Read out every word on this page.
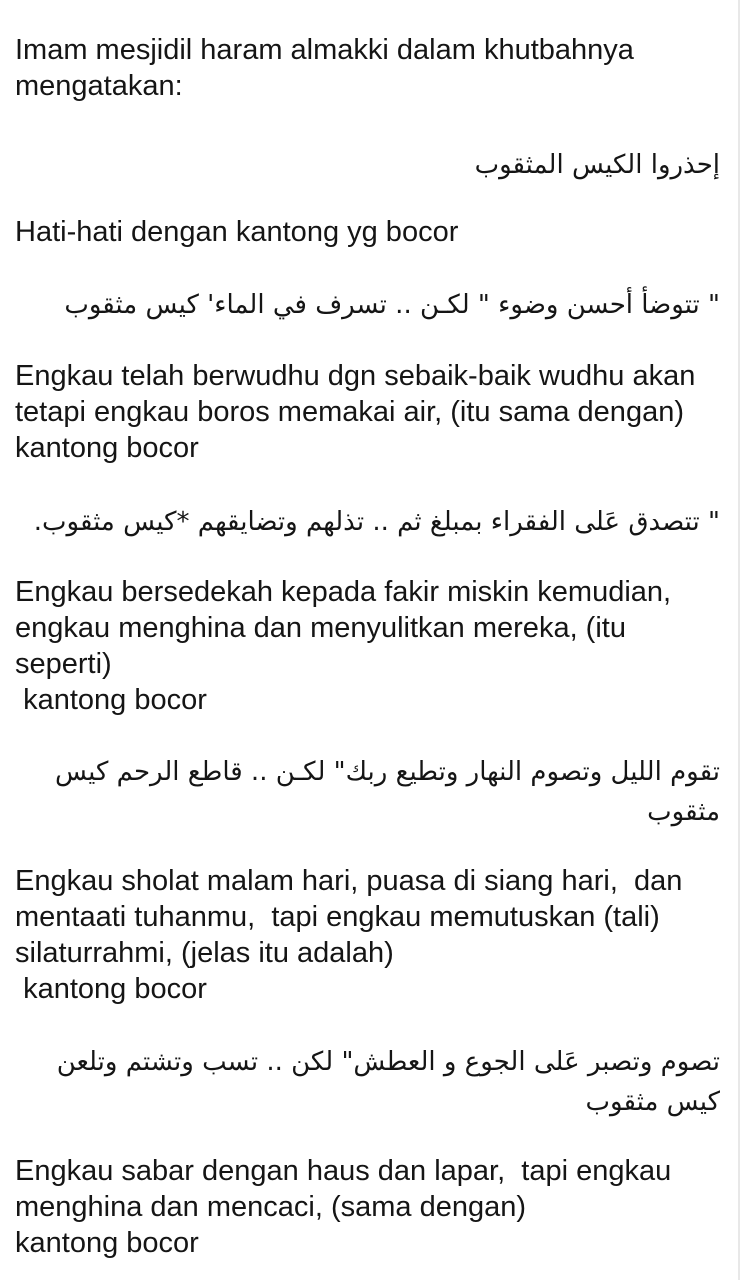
Imam mesjidil haram almakki dalam khutbahnya mengatakan:

إحذروا الكيس المثقوب

Hati-hati dengan kantong yg bocor

" تتوضأ أحسن وضوء " لكـن .. تسرف في الماء' كيس مثقوب

Engkau telah berwudhu dgn sebaik-baik wudhu akan tetapi engkau boros memakai air, (itu sama dengan) kantong bocor

" تتصدق عَلى الفقراء بمبلغ ثم .. تذلهم وتضايقهم *كيس مثقوب.

Engkau bersedekah kepada fakir miskin kemudian, engkau menghina dan menyulitkan mereka, (itu seperti)
kantong bocor

تقوم الليل وتصوم النهار وتطيع ربك" لكـن .. قاطع الرحم كيس مثقوب

Engkau sholat malam hari, puasa di siang hari,  dan mentaati tuhanmu,  tapi engkau memutuskan (tali) silaturrahmi, (jelas itu adalah)
kantong bocor

تصوم وتصبر عَلى الجوع و العطش" لكن .. تسب وتشتم وتلعن كيس مثقوب

Engkau sabar dengan haus dan lapar,  tapi engkau menghina dan mencaci, (sama dengan)
kantong bocor
